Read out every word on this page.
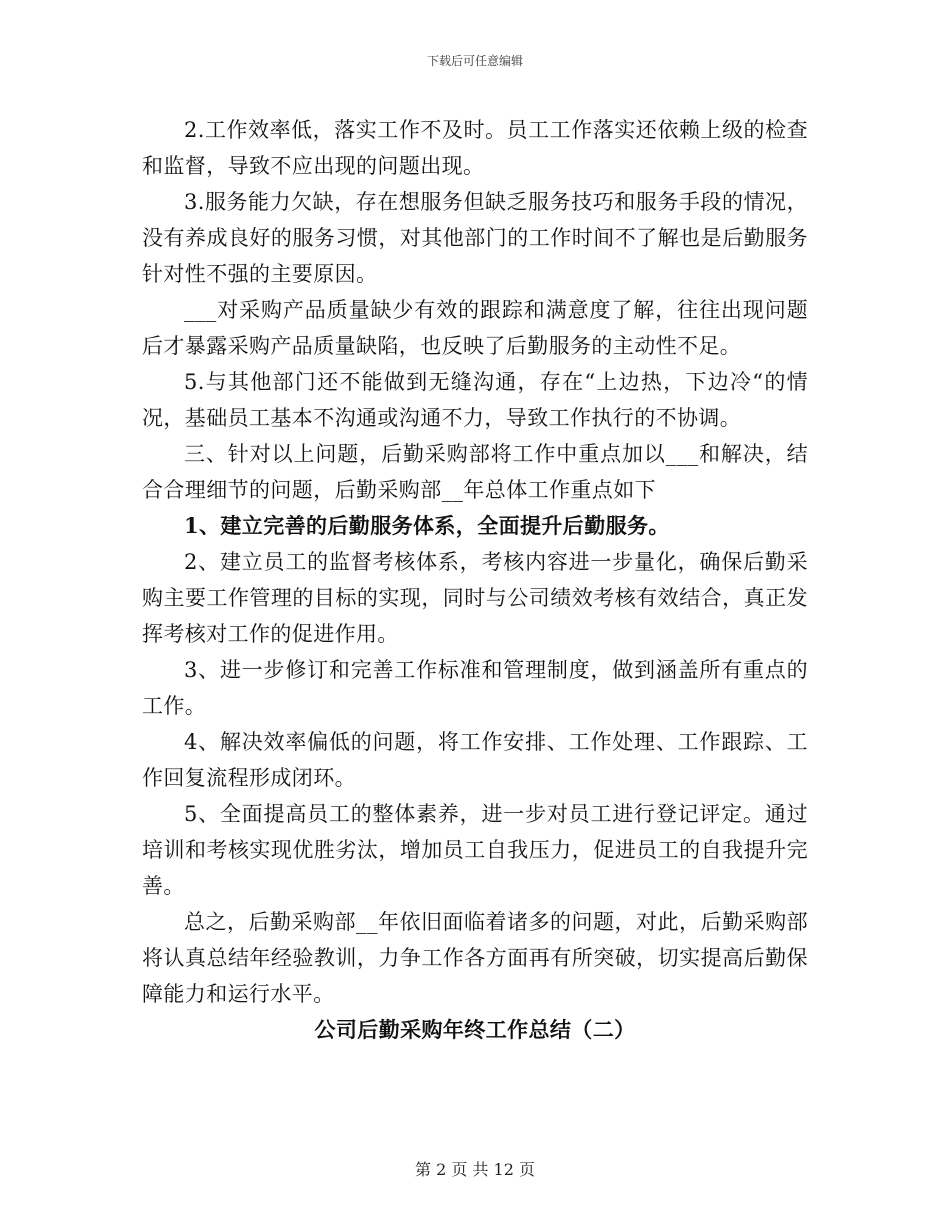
下载后可任意编辑

2.工作效率低，落实工作不及时。员工工作落实还依赖上级的检查和监督，导致不应出现的问题出现。

3.服务能力欠缺，存在想服务但缺乏服务技巧和服务手段的情况，没有养成良好的服务习惯，对其他部门的工作时间不了解也是后勤服务针对性不强的主要原因。

___对采购产品质量缺少有效的跟踪和满意度了解，往往出现问题后才暴露采购产品质量缺陷，也反映了后勤服务的主动性不足。

5.与其他部门还不能做到无缝沟通，存在“上边热，下边冷“的情况，基础员工基本不沟通或沟通不力，导致工作执行的不协调。

三、针对以上问题，后勤采购部将工作中重点加以___和解决，结合合理细节的问题，后勤采购部__年总体工作重点如下

1、建立完善的后勤服务体系，全面提升后勤服务。

2、建立员工的监督考核体系，考核内容进一步量化，确保后勤采购主要工作管理的目标的实现，同时与公司绩效考核有效结合，真正发挥考核对工作的促进作用。

3、进一步修订和完善工作标准和管理制度，做到涵盖所有重点的工作。

4、解决效率偏低的问题，将工作安排、工作处理、工作跟踪、工作回复流程形成闭环。

5、全面提高员工的整体素养，进一步对员工进行登记评定。通过培训和考核实现优胜劣汰，增加员工自我压力，促进员工的自我提升完善。

总之，后勤采购部__年依旧面临着诸多的问题，对此，后勤采购部将认真总结年经验教训，力争工作各方面再有所突破，切实提高后勤保障能力和运行水平。

公司后勤采购年终工作总结（二）

第 2 页 共 12 页
